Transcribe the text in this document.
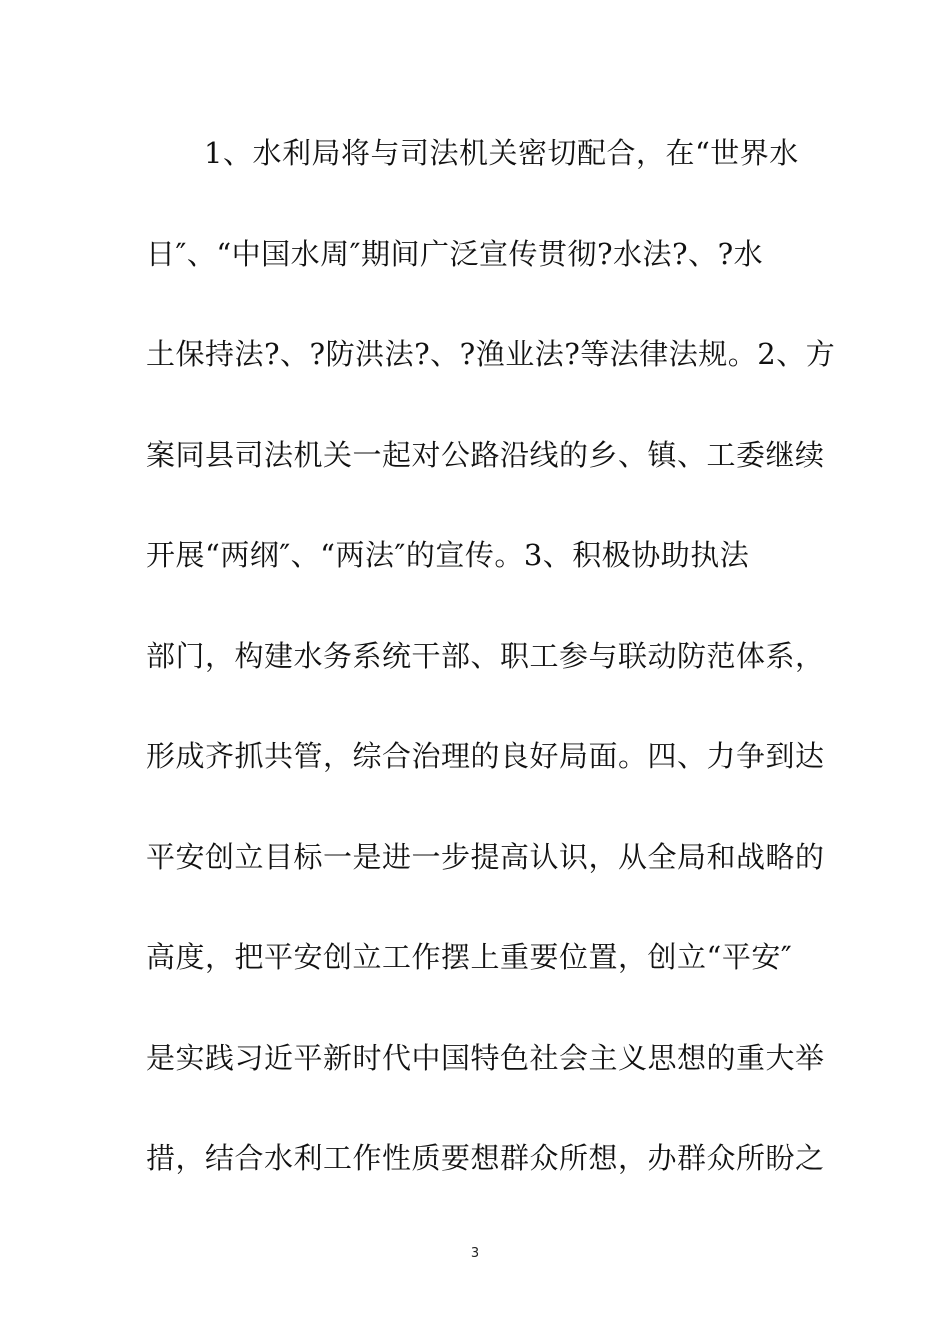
1、水利局将与司法机关密切配合，在“世界水
日″、“中国水周″期间广泛宣传贯彻?水法?、?水
土保持法?、?防洪法?、?渔业法?等法律法规。2、方
案同县司法机关一起对公路沿线的乡、镇、工委继续
开展“两纲″、“两法″的宣传。3、积极协助执法
部门，构建水务系统干部、职工参与联动防范体系，
形成齐抓共管，综合治理的良好局面。四、力争到达
平安创立目标一是进一步提高认识，从全局和战略的
高度，把平安创立工作摆上重要位置，创立“平安″
是实践习近平新时代中国特色社会主义思想的重大举
措，结合水利工作性质要想群众所想，办群众所盼之
3
